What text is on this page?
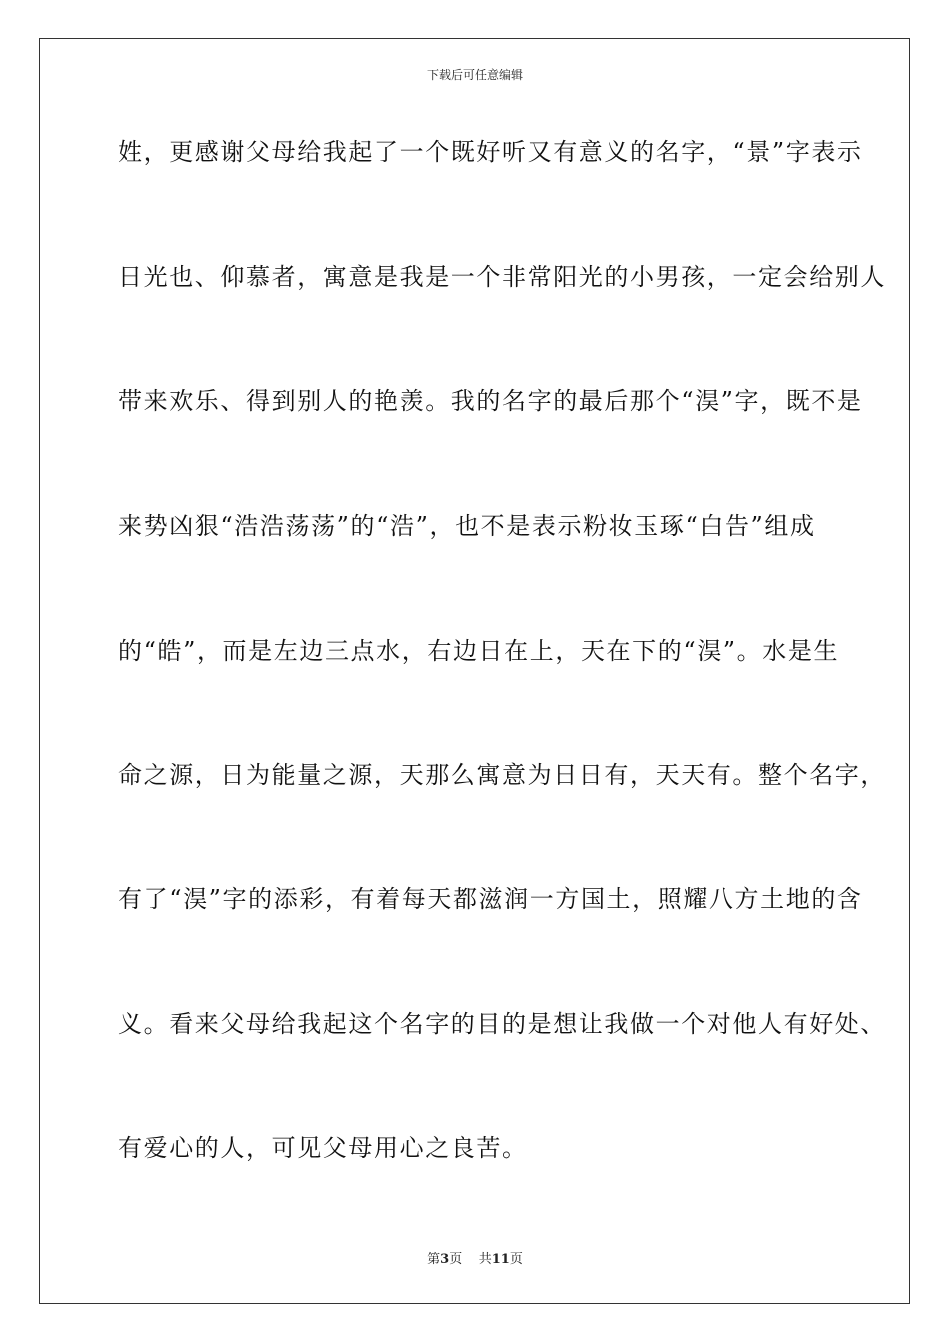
下载后可任意编辑
姓，更感谢父母给我起了一个既好听又有意义的名字，“景”字表示
日光也、仰慕者，寓意是我是一个非常阳光的小男孩，一定会给别人
带来欢乐、得到别人的艳羡。我的名字的最后那个“淏”字，既不是
来势凶狠“浩浩荡荡”的“浩”，也不是表示粉妆玉琢“白告”组成
的“皓”，而是左边三点水，右边日在上，天在下的“淏”。水是生
命之源，日为能量之源，天那么寓意为日日有，天天有。整个名字，
有了“淏”字的添彩，有着每天都滋润一方国土，照耀八方土地的含
义。看来父母给我起这个名字的目的是想让我做一个对他人有好处、
有爱心的人，可见父母用心之良苦。
第3页 共11页
